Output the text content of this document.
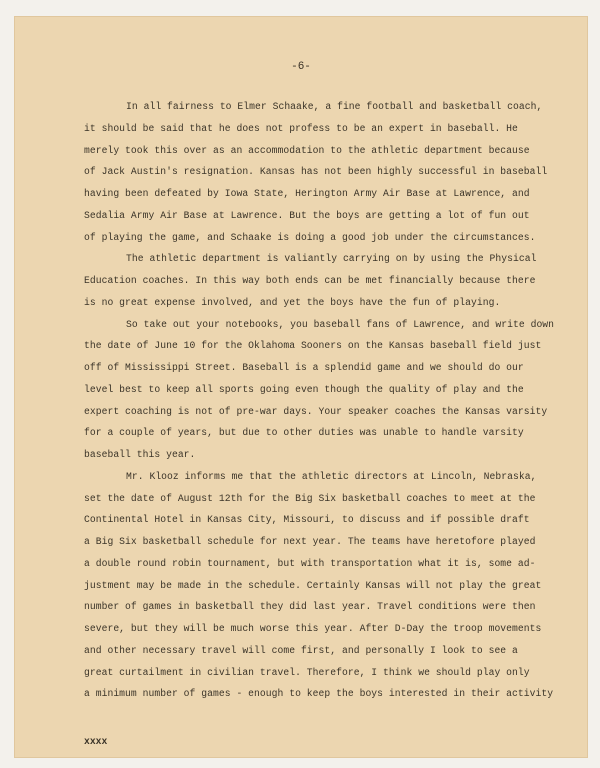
-6-
In all fairness to Elmer Schaake, a fine football and basketball coach,
it should be said that he does not profess to be an expert in baseball. He
merely took this over as an accommodation to the athletic department because
of Jack Austin's resignation. Kansas has not been highly successful in baseball
having been defeated by Iowa State, Herington Army Air Base at Lawrence, and
Sedalia Army Air Base at Lawrence. But the boys are getting a lot of fun out
of playing the game, and Schaake is doing a good job under the circumstances.
The athletic department is valiantly carrying on by using the Physical
Education coaches. In this way both ends can be met financially because there
is no great expense involved, and yet the boys have the fun of playing.
So take out your notebooks, you baseball fans of Lawrence, and write down
the date of June 10 for the Oklahoma Sooners on the Kansas baseball field just
off of Mississippi Street. Baseball is a splendid game and we should do our
level best to keep all sports going even though the quality of play and the
expert coaching is not of pre-war days. Your speaker coaches the Kansas varsity
for a couple of years, but due to other duties was unable to handle varsity
baseball this year.
Mr. Klooz informs me that the athletic directors at Lincoln, Nebraska,
set the date of August 12th for the Big Six basketball coaches to meet at the
Continental Hotel in Kansas City, Missouri, to discuss and if possible draft
a Big Six basketball schedule for next year. The teams have heretofore played
a double round robin tournament, but with transportation what it is, some ad-
justment may be made in the schedule. Certainly Kansas will not play the great
number of games in basketball they did last year. Travel conditions were then
severe, but they will be much worse this year. After D-Day the troop movements
and other necessary travel will come first, and personally I look to see a
great curtailment in civilian travel. Therefore, I think we should play only
a minimum number of games - enough to keep the boys interested in their activity
xxxx
